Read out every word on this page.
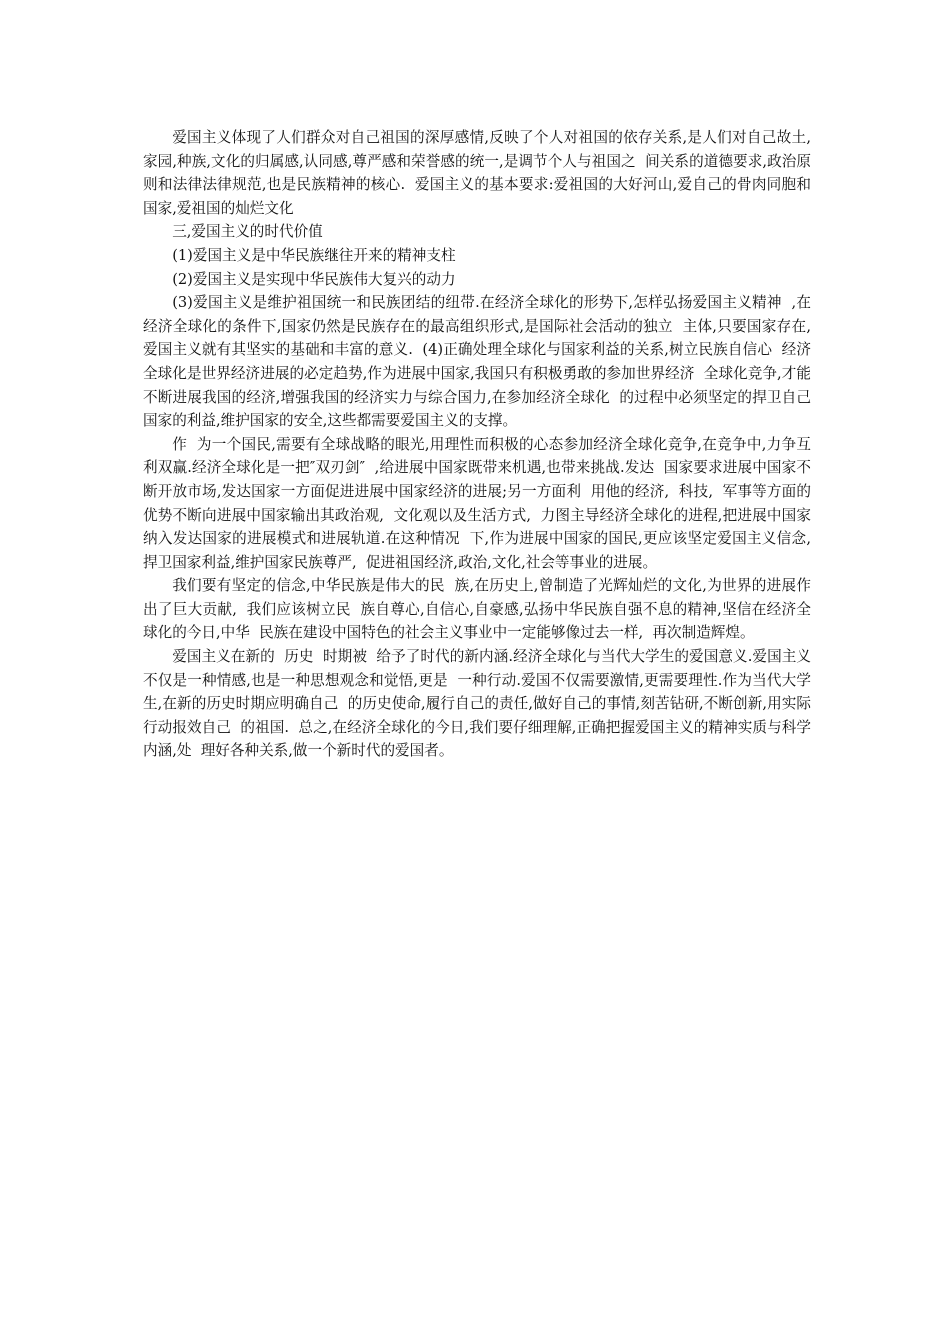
爱国主义体现了人们群众对自己祖国的深厚感情,反映了个人对祖国的依存关系,是人们对自己故土,家园,种族,文化的归属感,认同感,尊严感和荣誉感的统一,是调节个人与祖国之  间关系的道德要求,政治原则和法律法律规范,也是民族精神的核心.  爱国主义的基本要求:爱祖国的大好河山,爱自己的骨肉同胞和国家,爱祖国的灿烂文化

三,爱国主义的时代价值

(1)爱国主义是中华民族继往开来的精神支柱

(2)爱国主义是实现中华民族伟大复兴的动力

(3)爱国主义是维护祖国统一和民族团结的纽带.在经济全球化的形势下,怎样弘扬爱国主义精神  ,在经济全球化的条件下,国家仍然是民族存在的最高组织形式,是国际社会活动的独立  主体,只要国家存在,爱国主义就有其坚实的基础和丰富的意义.  (4)正确处理全球化与国家利益的关系,树立民族自信心  经济全球化是世界经济进展的必定趋势,作为进展中国家,我国只有积极勇敢的参加世界经济  全球化竞争,才能不断进展我国的经济,增强我国的经济实力与综合国力,在参加经济全球化  的过程中必须坚定的捍卫自己国家的利益,维护国家的安全,这些都需要爱国主义的支撑。

作  为一个国民,需要有全球战略的眼光,用理性而积极的心态参加经济全球化竞争,在竞争中,力争互利双赢.经济全球化是一把″双刃剑″  ,给进展中国家既带来机遇,也带来挑战.发达  国家要求进展中国家不断开放市场,发达国家一方面促进进展中国家经济的进展;另一方面利  用他的经济,  科技,  军事等方面的优势不断向进展中国家输出其政治观,  文化观以及生活方式,  力图主导经济全球化的进程,把进展中国家纳入发达国家的进展模式和进展轨道.在这种情况  下,作为进展中国家的国民,更应该坚定爱国主义信念,捍卫国家利益,维护国家民族尊严,  促进祖国经济,政治,文化,社会等事业的进展。

我们要有坚定的信念,中华民族是伟大的民  族,在历史上,曾制造了光辉灿烂的文化,为世界的进展作出了巨大贡献,  我们应该树立民  族自尊心,自信心,自豪感,弘扬中华民族自强不息的精神,坚信在经济全球化的今日,中华  民族在建设中国特色的社会主义事业中一定能够像过去一样,  再次制造辉煌。

爱国主义在新的  历史  时期被  给予了时代的新内涵.经济全球化与当代大学生的爱国意义.爱国主义不仅是一种情感,也是一种思想观念和觉悟,更是  一种行动.爱国不仅需要激情,更需要理性.作为当代大学生,在新的历史时期应明确自己  的历史使命,履行自己的责任,做好自己的事情,刻苦钻研,不断创新,用实际行动报效自己  的祖国.  总之,在经济全球化的今日,我们要仔细理解,正确把握爱国主义的精神实质与科学内涵,处  理好各种关系,做一个新时代的爱国者。
